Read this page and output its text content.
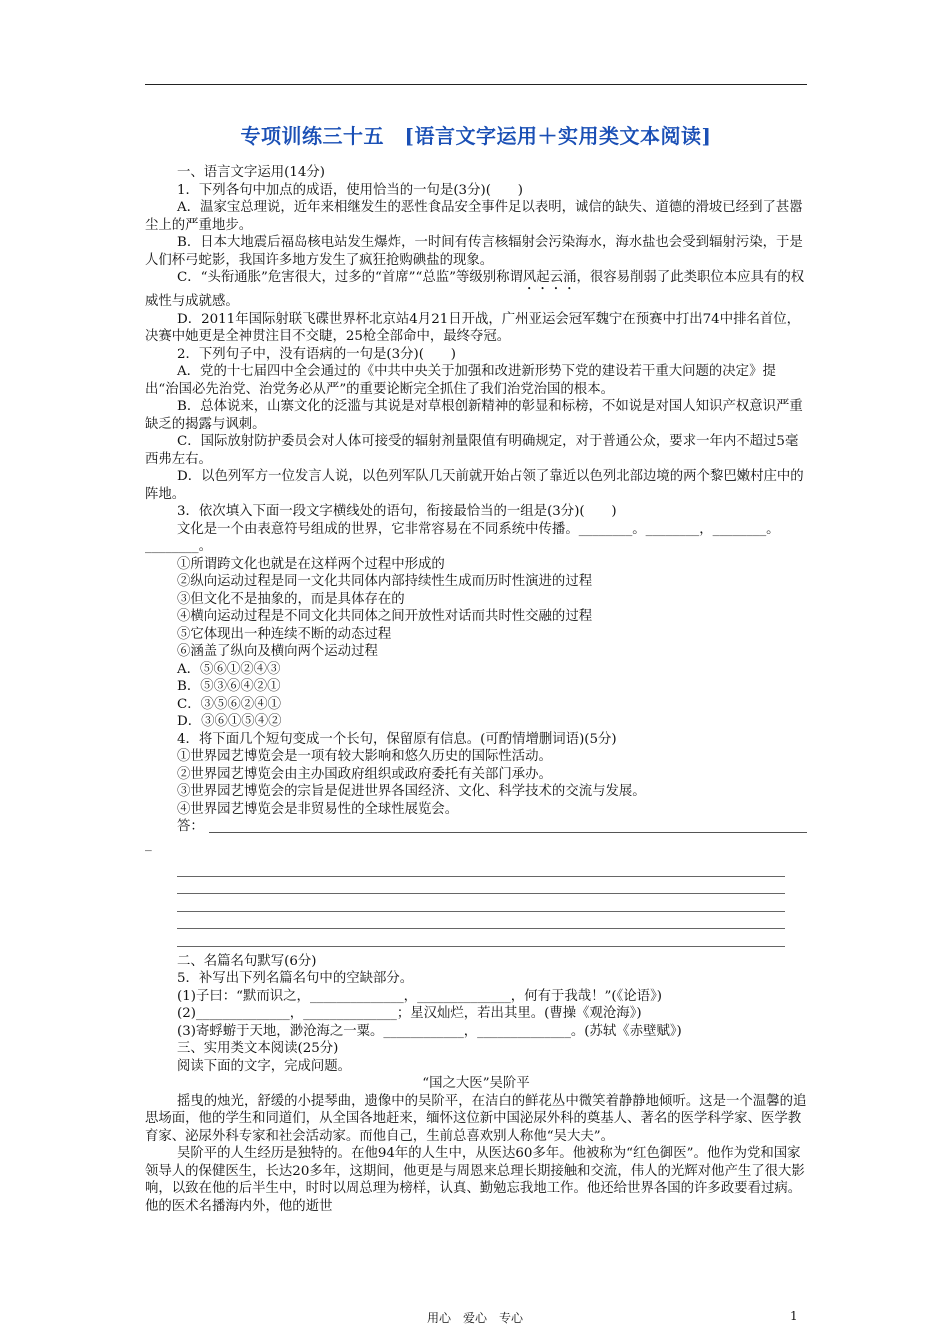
专项训练三十五　[语言文字运用＋实用类文本阅读]

一、语言文字运用(14分)

1．下列各句中加点的成语，使用恰当的一句是(3分)(　　)

A．温家宝总理说，近年来相继发生的恶性食品安全事件足以表明，诚信的缺失、道德的滑坡已经到了甚嚣尘上的严重地步。

B．日本大地震后福岛核电站发生爆炸，一时间有传言核辐射会污染海水，海水盐也会受到辐射污染，于是人们杯弓蛇影，我国许多地方发生了疯狂抢购碘盐的现象。

C．“头衔通胀”危害很大，过多的“首席”“总监”等级别称谓风起云涌，很容易削弱了此类职位本应具有的权威性与成就感。

D．2011年国际射联飞碟世界杯北京站4月21日开战，广州亚运会冠军魏宁在预赛中打出74中排名首位，决赛中她更是全神贯注目不交睫，25枪全部命中，最终夺冠。

2．下列句子中，没有语病的一句是(3分)(　　)

A．党的十七届四中全会通过的《中共中央关于加强和改进新形势下党的建设若干重大问题的决定》提出“治国必先治党、治党务必从严”的重要论断完全抓住了我们治党治国的根本。

B．总体说来，山寨文化的泛滥与其说是对草根创新精神的彰显和标榜，不如说是对国人知识产权意识严重缺乏的揭露与讽刺。

C．国际放射防护委员会对人体可接受的辐射剂量限值有明确规定，对于普通公众，要求一年内不超过5毫西弗左右。

D．以色列军方一位发言人说，以色列军队几天前就开始占领了靠近以色列北部边境的两个黎巴嫩村庄中的阵地。

3．依次填入下面一段文字横线处的语句，衔接最恰当的一组是(3分)(　　)

文化是一个由表意符号组成的世界，它非常容易在不同系统中传播。________。________，________。________。

①所谓跨文化也就是在这样两个过程中形成的

②纵向运动过程是同一文化共同体内部持续性生成而历时性演进的过程

③但文化不是抽象的，而是具体存在的

④横向运动过程是不同文化共同体之间开放性对话而共时性交融的过程

⑤它体现出一种连续不断的动态过程

⑥涵盖了纵向及横向两个运动过程

A．⑤⑥①②④③

B．⑤③⑥④②①

C．③⑤⑥②④①

D．③⑥①⑤④②

4．将下面几个短句变成一个长句，保留原有信息。(可酌情增删词语)(5分)

①世界园艺博览会是一项有较大影响和悠久历史的国际性活动。

②世界园艺博览会由主办国政府组织或政府委托有关部门承办。

③世界园艺博览会的宗旨是促进世界各国经济、文化、科学技术的交流与发展。

④世界园艺博览会是非贸易性的全球性展览会。

答：

_

二、名篇名句默写(6分)

5．补写出下列名篇名句中的空缺部分。

(1)子曰：“默而识之，______________，______________，何有于我哉！”(《论语》)

(2)______________，______________；星汉灿烂，若出其里。(曹操《观沧海》)

(3)寄蜉蝣于天地，渺沧海之一粟。____________，______________。(苏轼《赤壁赋》)

三、实用类文本阅读(25分)

阅读下面的文字，完成问题。

“国之大医”吴阶平

摇曳的烛光，舒缓的小提琴曲，遗像中的吴阶平，在洁白的鲜花丛中微笑着静静地倾听。这是一个温馨的追思场面，他的学生和同道们，从全国各地赶来，缅怀这位新中国泌尿外科的奠基人、著名的医学科学家、医学教育家、泌尿外科专家和社会活动家。而他自己，生前总喜欢别人称他“吴大夫”。

吴阶平的人生经历是独特的。在他94年的人生中，从医达60多年。他被称为“红色御医”。他作为党和国家领导人的保健医生，长达20多年，这期间，他更是与周恩来总理长期接触和交流，伟人的光辉对他产生了很大影响，以致在他的后半生中，时时以周总理为榜样，认真、勤勉忘我地工作。他还给世界各国的许多政要看过病。他的医术名播海内外，他的逝世

用心　爱心　专心	1
